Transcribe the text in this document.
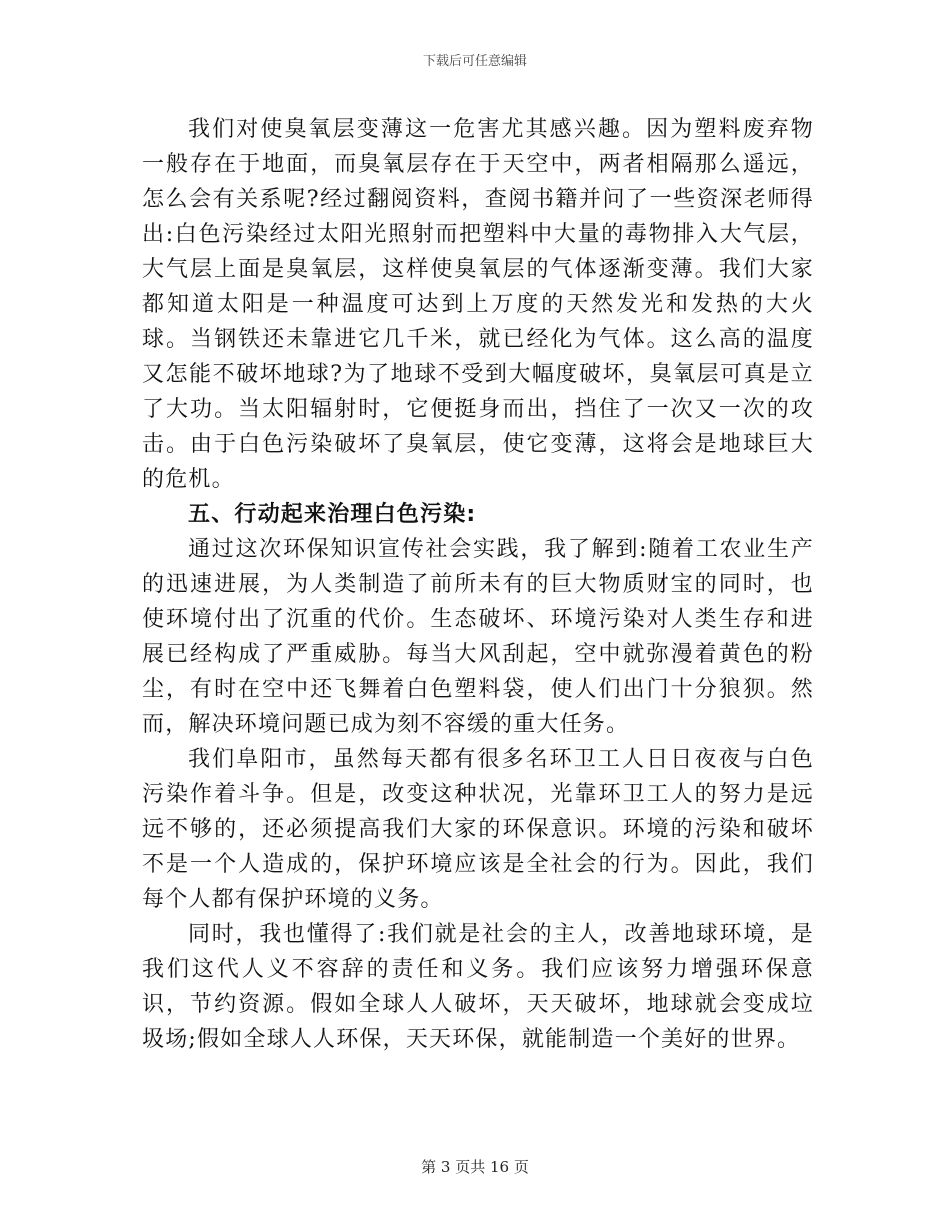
下载后可任意编辑

我们对使臭氧层变薄这一危害尤其感兴趣。因为塑料废弃物一般存在于地面，而臭氧层存在于天空中，两者相隔那么遥远，怎么会有关系呢?经过翻阅资料，查阅书籍并问了一些资深老师得出:白色污染经过太阳光照射而把塑料中大量的毒物排入大气层，大气层上面是臭氧层，这样使臭氧层的气体逐渐变薄。我们大家都知道太阳是一种温度可达到上万度的天然发光和发热的大火球。当钢铁还未靠进它几千米，就已经化为气体。这么高的温度又怎能不破坏地球?为了地球不受到大幅度破坏，臭氧层可真是立了大功。当太阳辐射时，它便挺身而出，挡住了一次又一次的攻击。由于白色污染破坏了臭氧层，使它变薄，这将会是地球巨大的危机。

五、行动起来治理白色污染:

通过这次环保知识宣传社会实践，我了解到:随着工农业生产的迅速进展，为人类制造了前所未有的巨大物质财宝的同时，也使环境付出了沉重的代价。生态破坏、环境污染对人类生存和进展已经构成了严重威胁。每当大风刮起，空中就弥漫着黄色的粉尘，有时在空中还飞舞着白色塑料袋，使人们出门十分狼狈。然而，解决环境问题已成为刻不容缓的重大任务。

我们阜阳市，虽然每天都有很多名环卫工人日日夜夜与白色污染作着斗争。但是，改变这种状况，光靠环卫工人的努力是远远不够的，还必须提高我们大家的环保意识。环境的污染和破坏不是一个人造成的，保护环境应该是全社会的行为。因此，我们每个人都有保护环境的义务。

同时，我也懂得了:我们就是社会的主人，改善地球环境，是我们这代人义不容辞的责任和义务。我们应该努力增强环保意识，节约资源。假如全球人人破坏，天天破坏，地球就会变成垃圾场;假如全球人人环保，天天环保，就能制造一个美好的世界。

第 3 页共 16 页
